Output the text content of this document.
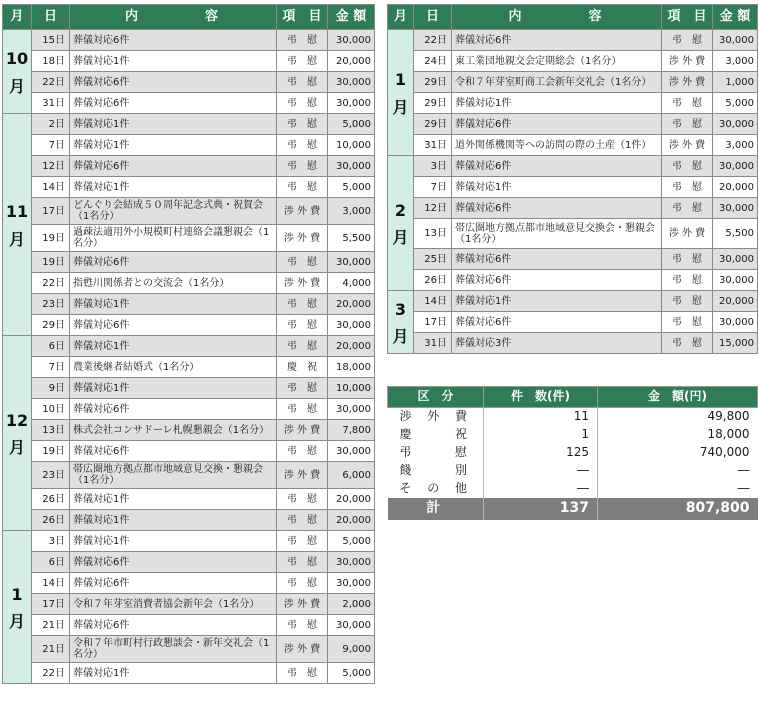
月	日	内　　　　容	項　目	金 額
10
月	15日	葬儀対応6件	弔　慰	30,000
	18日	葬儀対応1件	弔　慰	20,000
	22日	葬儀対応6件	弔　慰	30,000
	31日	葬儀対応6件	弔　慰	30,000
11
月	2日	葬儀対応1件	弔　慰	5,000
	7日	葬儀対応1件	弔　慰	10,000
	12日	葬儀対応6件	弔　慰	30,000
	14日	葬儀対応1件	弔　慰	5,000
	17日	どんぐり会結成５０周年記念式典・祝賀会（1名分）	渉 外 費	3,000
	19日	過疎法適用外小規模町村連絡会議懇親会（1名分）	渉 外 費	5,500
	19日	葬儀対応6件	弔　慰	30,000
	22日	指甦川関係者との交流会（1名分）	渉 外 費	4,000
	23日	葬儀対応1件	弔　慰	20,000
	29日	葬儀対応6件	弔　慰	30,000
12
月	6日	葬儀対応1件	弔　慰	20,000
	7日	農業後継者結婚式（1名分）	慶　祝	18,000
	9日	葬儀対応1件	弔　慰	10,000
	10日	葬儀対応6件	弔　慰	30,000
	13日	株式会社コンサドーレ札幌懇親会（1名分）	渉 外 費	7,800
	19日	葬儀対応6件	弔　慰	30,000
	23日	帯広圏地方拠点都市地域意見交換・懇親会（1名分）	渉 外 費	6,000
	26日	葬儀対応1件	弔　慰	20,000
	26日	葬儀対応1件	弔　慰	20,000
1
月	3日	葬儀対応1件	弔　慰	5,000
	6日	葬儀対応6件	弔　慰	30,000
	14日	葬儀対応6件	弔　慰	30,000
	17日	令和７年芽室消費者協会新年会（1名分）	渉 外 費	2,000
	21日	葬儀対応6件	弔　慰	30,000
	21日	令和７年市町村行政懇談会・新年交礼会（1名分）	渉 外 費	9,000
	22日	葬儀対応1件	弔　慰	5,000
月	日	内　　　　容	項　目	金 額
1
月	22日	葬儀対応6件	弔　慰	30,000
	24日	東工業団地親交会定期総会（1名分）	渉 外 費	3,000
	29日	令和７年芽室町商工会新年交礼会（1名分）	渉 外 費	1,000
	29日	葬儀対応1件	弔　慰	5,000
	29日	葬儀対応6件	弔　慰	30,000
	31日	道外関係機関等への訪問の際の土産（1件）	渉 外 費	3,000
2
月	3日	葬儀対応6件	弔　慰	30,000
	7日	葬儀対応1件	弔　慰	20,000
	12日	葬儀対応6件	弔　慰	30,000
	13日	帯広圏地方拠点都市地域意見交換会・懇親会（1名分）	渉 外 費	5,500
	25日	葬儀対応6件	弔　慰	30,000
	26日	葬儀対応6件	弔　慰	30,000
3
月	14日	葬儀対応1件	弔　慰	20,000
	17日	葬儀対応6件	弔　慰	30,000
	31日	葬儀対応3件	弔　慰	15,000
区　分	件　数(件)	金　額(円)
渉外費	11	49,800
慶祝	1	18,000
弔慰	125	740,000
餞別	―	―
その他	―	―
計	137	807,800
